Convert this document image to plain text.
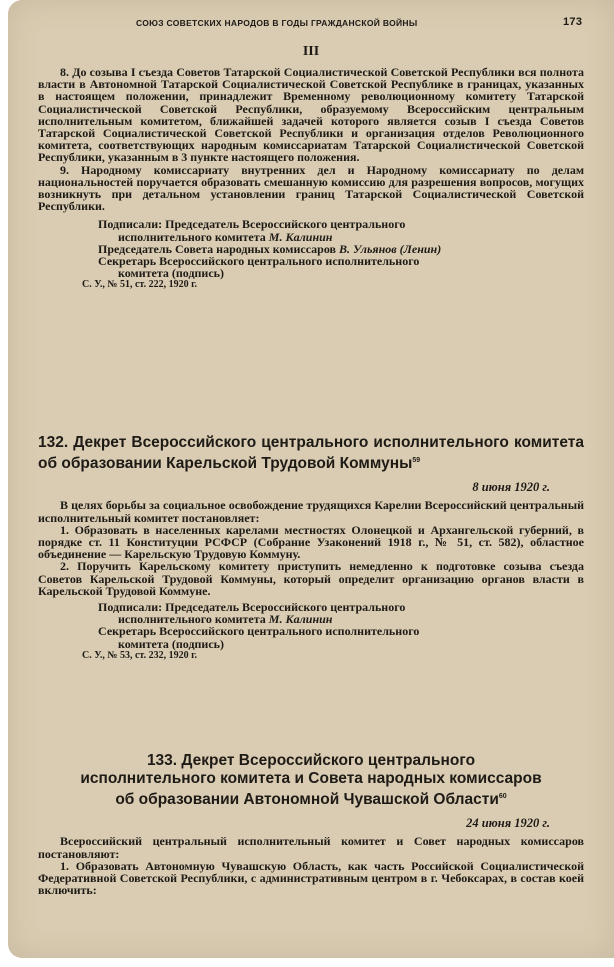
СОЮЗ СОВЕТСКИХ НАРОДОВ В ГОДЫ ГРАЖДАНСКОЙ ВОЙНЫ	173
III

8. До созыва I съезда Советов Татарской Социалистической Советской Республики вся полнота власти в Автономной Татарской Социалистической Советской Республике в границах, указанных в настоящем положении, принадлежит Временному революционному комитету Татарской Социалистической Советской Республики, образуемому Всероссийским центральным исполнительным комитетом, ближайшей задачей которого является созыв I съезда Советов Татарской Социалистической Советской Республики и организация отделов Революционного комитета, соответствующих народным комиссариатам Татарской Социалистической Советской Республики, указанным в 3 пункте настоящего положения.

9. Народному комиссариату внутренних дел и Народному комиссариату по делам национальностей поручается образовать смешанную комиссию для разрешения вопросов, могущих возникнуть при детальном установлении границ Татарской Социалистической Советской Республики.

Подписали: Председатель Всероссийского центрального

исполнительного комитета М. Калинин

Председатель Совета народных комиссаров В. Ульянов (Ленин)

Секретарь Всероссийского центрального исполнительного

комитета (подпись)

С. У., № 51, ст. 222, 1920 г.

132. Декрет Всероссийского центрального исполнительного комитета об образовании Карельской Трудовой Коммуны$^{59}$
8 июня 1920 г.

В целях борьбы за социальное освобождение трудящихся Карелии Всероссийский центральный исполнительный комитет постановляет:

1. Образовать в населенных карелами местностях Олонецкой и Архангельской губерний, в порядке ст. 11 Конституции РСФСР (Собрание Узаконений 1918 г., № 51, ст. 582), областное объединение — Карельскую Трудовую Коммуну.

2. Поручить Карельскому комитету приступить немедленно к подготовке созыва съезда Советов Карельской Трудовой Коммуны, который определит организацию органов власти в Карельской Трудовой Коммуне.

Подписали: Председатель Всероссийского центрального

исполнительного комитета М. Калинин

Секретарь Всероссийского центрального исполнительного

комитета (подпись)

С. У., № 53, ст. 232, 1920 г.

133. Декрет Всероссийского центрального
исполнительного комитета и Совета народных комиссаров
об образовании Автономной Чувашской Области$^{60}$
24 июня 1920 г.

Всероссийский центральный исполнительный комитет и Совет народных комиссаров постановляют:

1. Образовать Автономную Чувашскую Область, как часть Российской Социалистической Федеративной Советской Республики, с административным центром в г. Чебоксарах, в состав коей включить:
